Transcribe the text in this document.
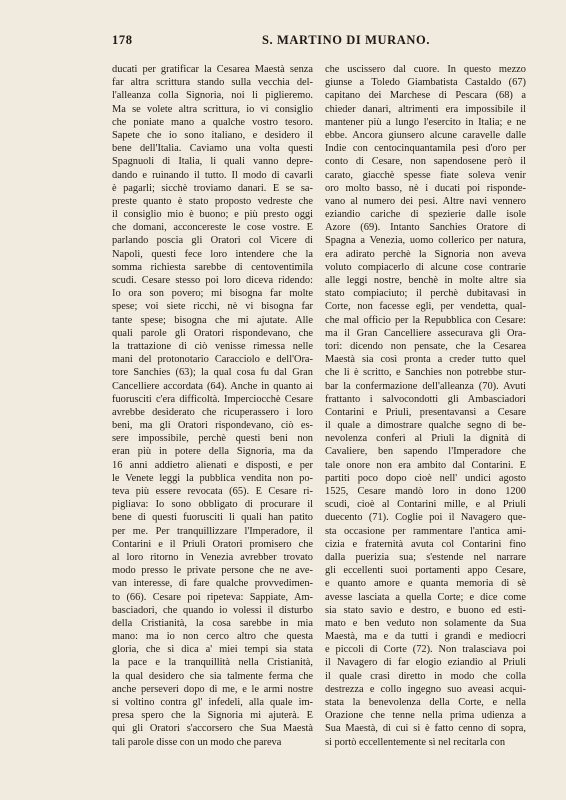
178	S. MARTINO DI MURANO.
ducati per gratificar la Cesarea Maestà senza
far altra scrittura stando sulla vecchia del-
l'alleanza colla Signoria, noi li piglieremo.
Ma se volete altra scrittura, io vi consiglio
che poniate mano a qualche vostro tesoro.
Sapete che io sono italiano, e desidero il
bene dell'Italia. Caviamo una volta questi
Spagnuoli di Italia, li quali vanno depre-
dando e ruinando il tutto. Il modo di cavarli
è pagarli; sicchè troviamo danari. E se sa-
preste quanto è stato proposto vedreste che
il consiglio mio è buono; e più presto oggi
che domani, acconcereste le cose vostre. E
parlando poscia gli Oratori col Vicere di
Napoli, questi fece loro intendere che la
somma richiesta sarebbe di centoventimila
scudi. Cesare stesso poi loro diceva ridendo:
Io ora son povero; mi bisogna far molte
spese; voi siete ricchi, nè vi bisogna far
tante spese; bisogna che mi ajutate. Alle
quali parole gli Oratori rispondevano, che
la trattazione di ciò venisse rimessa nelle
mani del protonotario Caracciolo e dell'Ora-
tore Sanchies (63); la qual cosa fu dal Gran
Cancelliere accordata (64). Anche in quanto ai
fuorusciti c'era difficoltà. Imperciocchè Cesare
avrebbe desiderato che ricuperassero i loro
beni, ma gli Oratori rispondevano, ciò es-
sere impossibile, perchè questi beni non
eran più in potere della Signoria, ma da
16 anni addietro alienati e disposti, e per
le Venete leggi la pubblica vendita non po-
teva più essere revocata (65). E Cesare ri-
pigliava: Io sono obbligato di procurare il
bene di questi fuorusciti li quali han patito
per me. Per tranquillizzare l'Imperadore, il
Contarini e il Priuli Oratori promisero che
al loro ritorno in Venezia avrebber trovato
modo presso le private persone che ne ave-
van interesse, di fare qualche provvedimen-
to (66). Cesare poi ripeteva: Sappiate, Am-
basciadori, che quando io volessi il disturbo
della Cristianità, la cosa sarebbe in mia
mano: ma io non cerco altro che questa
gloria, che si dica a' miei tempi sia stata
la pace e la tranquillità nella Cristianità,
la qual desidero che sia talmente ferma che
anche perseveri dopo di me, e le armi nostre
si voltino contra gl' infedeli, alla quale im-
presa spero che la Signoria mi ajuterà. E
qui gli Oratori s'accorsero che Sua Maestà
tali parole disse con un modo che pareva
che uscissero dal cuore. In questo mezzo
giunse a Toledo Giambatista Castaldo (67)
capitano dei Marchese di Pescara (68) a
chieder danari, altrimenti era impossibile il
mantener più a lungo l'esercito in Italia; e ne
ebbe. Ancora giunsero alcune caravelle dalle
Indie con centocinquantamila pesi d'oro per
conto di Cesare, non sapendosene però il
carato, giacchè spesse fiate soleva venir
oro molto basso, nè i ducati poi risponde-
vano al numero dei pesi. Altre navi vennero
eziandio cariche di spezierie dalle isole
Azore (69). Intanto Sanchies Oratore di
Spagna a Venezia, uomo collerico per natura,
era adirato perchè la Signoria non aveva
voluto compiacerlo di alcune cose contrarie
alle leggi nostre, benchè in molte altre sia
stato compiaciuto; il perchè dubitavasi in
Corte, non facesse egli, per vendetta, qual-
che mal officio per la Repubblica con Cesare:
ma il Gran Cancelliere assecurava gli Ora-
tori: dicendo non pensate, che la Cesarea
Maestà sia così pronta a creder tutto quel
che li è scritto, e Sanchies non potrebbe stur-
bar la confermazione dell'alleanza (70). Avuti
frattanto i salvocondotti gli Ambasciadori
Contarini e Priuli, presentavansi a Cesare
il quale a dimostrare qualche segno di be-
nevolenza conferì al Priuli la dignità di
Cavaliere, ben sapendo l'Imperadore che
tale onore non era ambito dal Contarini. E
partiti poco dopo cioè nell' undici agosto
1525, Cesare mandò loro in dono 1200
scudi, cioè al Contarini mille, e al Priuli
duecento (71). Coglie poi il Navagero que-
sta occasione per rammentare l'antica ami-
cizia e fraternità avuta col Contarini fino
dalla puerizia sua; s'estende nel narrare
gli eccellenti suoi portamenti appo Cesare,
e quanto amore e quanta memoria di sè
avesse lasciata a quella Corte; e dice come
sia stato savio e destro, e buono ed esti-
mato e ben veduto non solamente da Sua
Maestà, ma e da tutti i grandi e mediocri
e piccoli di Corte (72). Non tralasciava poi
il Navagero di far elogio eziandio al Priuli
il quale crasi diretto in modo che colla
destrezza e collo ingegno suo aveasi acqui-
stata la benevolenza della Corte, e nella
Orazione che tenne nella prima udienza a
Sua Maestà, di cui si è fatto cenno di sopra,
si portò eccellentemente sì nel recitarla con
